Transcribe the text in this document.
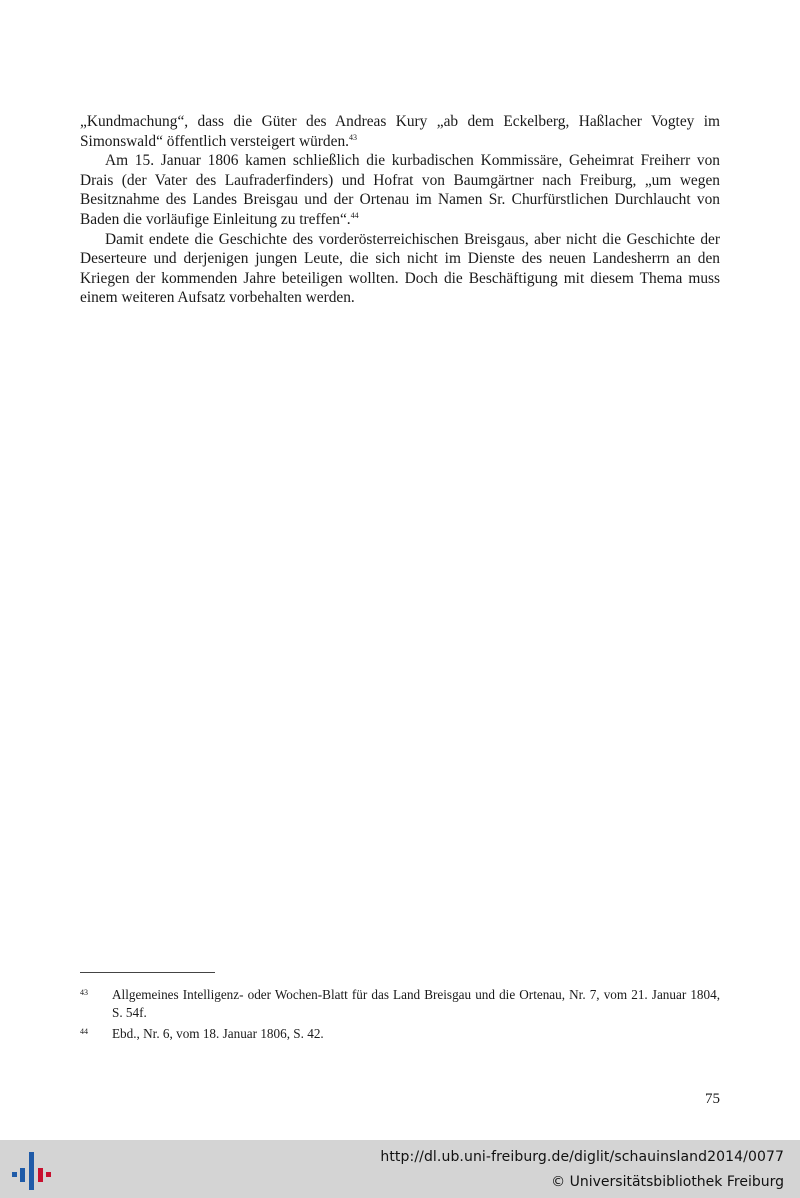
„Kundmachung“, dass die Güter des Andreas Kury „ab dem Eckelberg, Haßlacher Vogtey im Simonswald“ öffentlich versteigert würden.$^{43}$

Am 15. Januar 1806 kamen schließlich die kurbadischen Kommissäre, Geheimrat Freiherr von Drais (der Vater des Laufraderfinders) und Hofrat von Baumgärtner nach Freiburg, „um wegen Besitznahme des Landes Breisgau und der Ortenau im Namen Sr. Churfürstlichen Durchlaucht von Baden die vorläufige Einleitung zu treffen“.$^{44}$

Damit endete die Geschichte des vorderösterreichischen Breisgaus, aber nicht die Geschichte der Deserteure und derjenigen jungen Leute, die sich nicht im Dienste des neuen Landesherrn an den Kriegen der kommenden Jahre beteiligen wollten. Doch die Beschäftigung mit diesem Thema muss einem weiteren Aufsatz vorbehalten werden.

43	Allgemeines Intelligenz- oder Wochen-Blatt für das Land Breisgau und die Ortenau, Nr. 7, vom 21. Januar 1804, S. 54f.
44	Ebd., Nr. 6, vom 18. Januar 1806, S. 42.
75
http://dl.ub.uni-freiburg.de/diglit/schauinsland2014/0077
© Universitätsbibliothek Freiburg
